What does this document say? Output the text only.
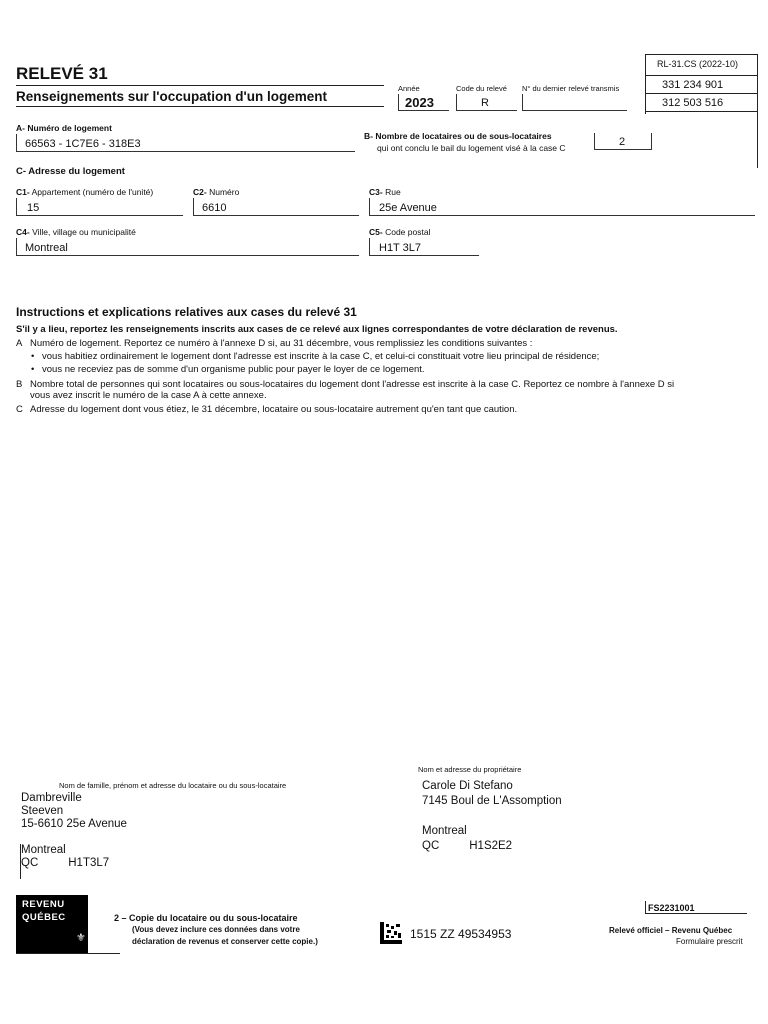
RL-31.CS (2022-10)
331 234 901
312 503 516
RELEVÉ 31
Renseignements sur l'occupation d'un logement
Année
2023
Code du relevé
R
N° du dernier relevé transmis
A- Numéro de logement
66563 - 1C7E6 - 318E3
B- Nombre de locataires ou de sous-locataires
qui ont conclu le bail du logement visé à la case C	2
C- Adresse du logement
C1- Appartement (numéro de l'unité)
15
C2- Numéro
6610
C3- Rue
25e Avenue
C4- Ville, village ou municipalité
Montreal
C5- Code postal
H1T 3L7
Instructions et explications relatives aux cases du relevé 31
S'il y a lieu, reportez les renseignements inscrits aux cases de ce relevé aux lignes correspondantes de votre déclaration de revenus.
A Numéro de logement. Reportez ce numéro à l'annexe D si, au 31 décembre, vous remplissiez les conditions suivantes :
• vous habitiez ordinairement le logement dont l'adresse est inscrite à la case C, et celui-ci constituait votre lieu principal de résidence;
• vous ne receviez pas de somme d'un organisme public pour payer le loyer de ce logement.
B Nombre total de personnes qui sont locataires ou sous-locataires du logement dont l'adresse est inscrite à la case C. Reportez ce nombre à l'annexe D si
vous avez inscrit le numéro de la case A à cette annexe.
C Adresse du logement dont vous étiez, le 31 décembre, locataire ou sous-locataire autrement qu'en tant que caution.
Nom de famille, prénom et adresse du locataire ou du sous-locataire
Dambreville
Steeven
15-6610 25e Avenue
Montreal
QC	H1T3L7
Nom et adresse du propriétaire
Carole Di Stefano
7145 Boul de L'Assomption
Montreal
QC	H1S2E2
REVENU
QUÉBEC
⚜
2 – Copie du locataire ou du sous-locataire
(Vous devez inclure ces données dans votre
déclaration de revenus et conserver cette copie.)
1515 ZZ 49534953
FS2231001
Relevé officiel – Revenu Québec
Formulaire prescrit
